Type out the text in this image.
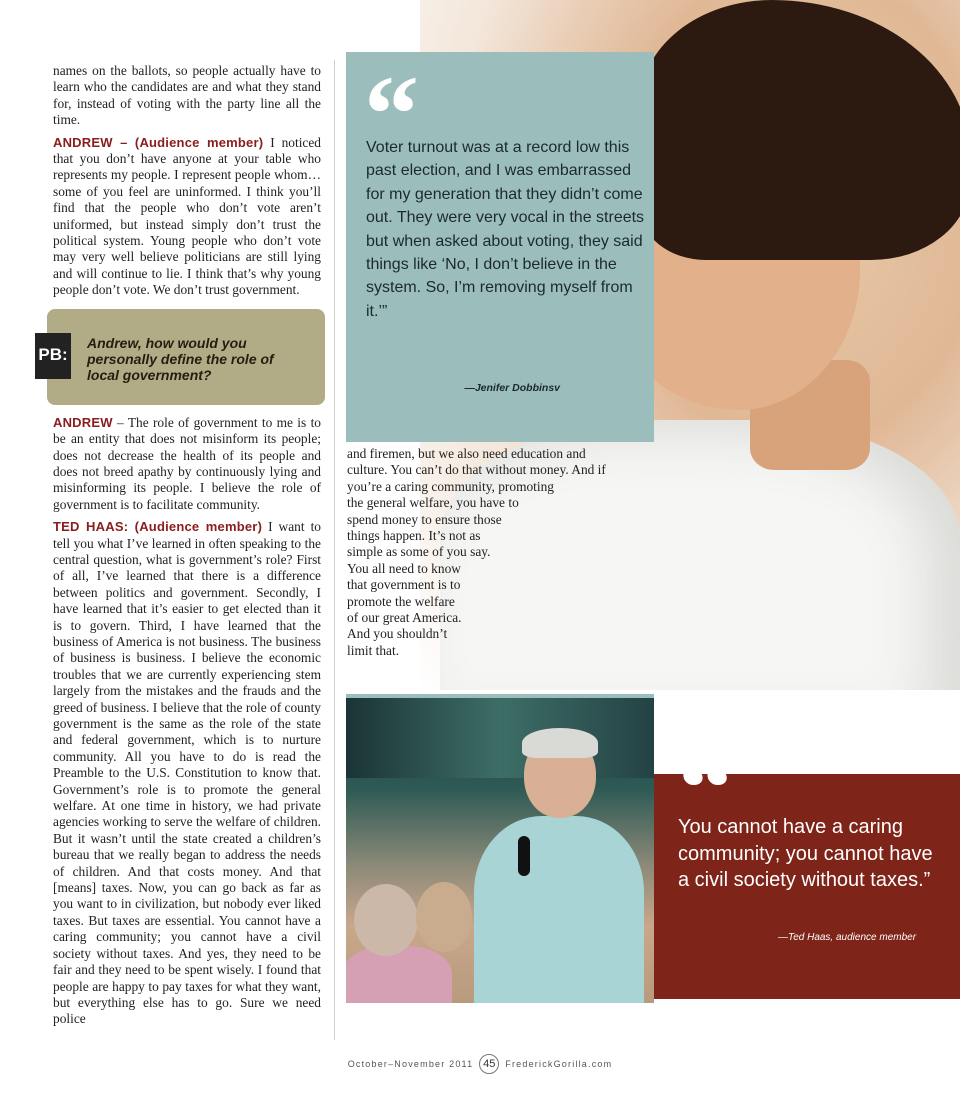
names on the ballots, so people actually have to learn who the candidates are and what they stand for, instead of voting with the party line all the time.

ANDREW – (Audience member) I noticed that you don’t have anyone at your table who represents my people. I represent people whom…some of you feel are uninformed. I think you’ll find that the people who don’t vote aren’t uniformed, but instead simply don’t trust the political system. Young people who don’t vote may very well believe politicians are still lying and will continue to lie. I think that’s why young people don’t vote. We don’t trust government.

PB:
Andrew, how would you personally define the role of local government?

ANDREW – The role of government to me is to be an entity that does not misinform its people; does not decrease the health of its people and does not breed apathy by continuously lying and misinforming its people. I believe the role of government is to facilitate community.

TED HAAS: (Audience member) I want to tell you what I’ve learned in often speaking to the central question, what is government’s role? First of all, I’ve learned that there is a difference between politics and government. Secondly, I have learned that it’s easier to get elected than it is to govern. Third, I have learned that the business of America is not business. The business of business is business. I believe the economic troubles that we are currently experiencing stem largely from the mistakes and the frauds and the greed of business. I believe that the role of county government is the same as the role of the state and federal government, which is to nurture community. All you have to do is read the Preamble to the U.S. Constitution to know that. Government’s role is to promote the general welfare. At one time in history, we had private agencies working to serve the welfare of children. But it wasn’t until the state created a children’s bureau that we really began to address the needs of children. And that costs money. And that [means] taxes. Now, you can go back as far as you want to in civilization, but nobody ever liked taxes. But taxes are essential. You cannot have a caring community; you cannot have a civil society without taxes. And yes, they need to be fair and they need to be spent wisely. I found that people are happy to pay taxes for what they want, but everything else has to go. Sure we need police

“
Voter turnout was at a record low this past election, and I was embarrassed for my generation that they didn’t come out. They were very vocal in the streets but when asked about voting, they said things like ‘No, I don’t believe in the system. So, I’m removing myself from it.’”
—Jenifer Dobbinsv
and firemen, but we also need education and
culture. You can’t do that without money. And if
you’re a caring community, promoting
the general welfare, you have to
spend money to ensure those
things happen. It’s not as
simple as some of you say.
You all need to know
that government is to
promote the welfare
of our great America.
And you shouldn’t
limit that.
“
You cannot have a caring community; you cannot have a civil society without taxes.”
—Ted Haas, audience member
October–November 2011 45	FrederickGorilla.com
